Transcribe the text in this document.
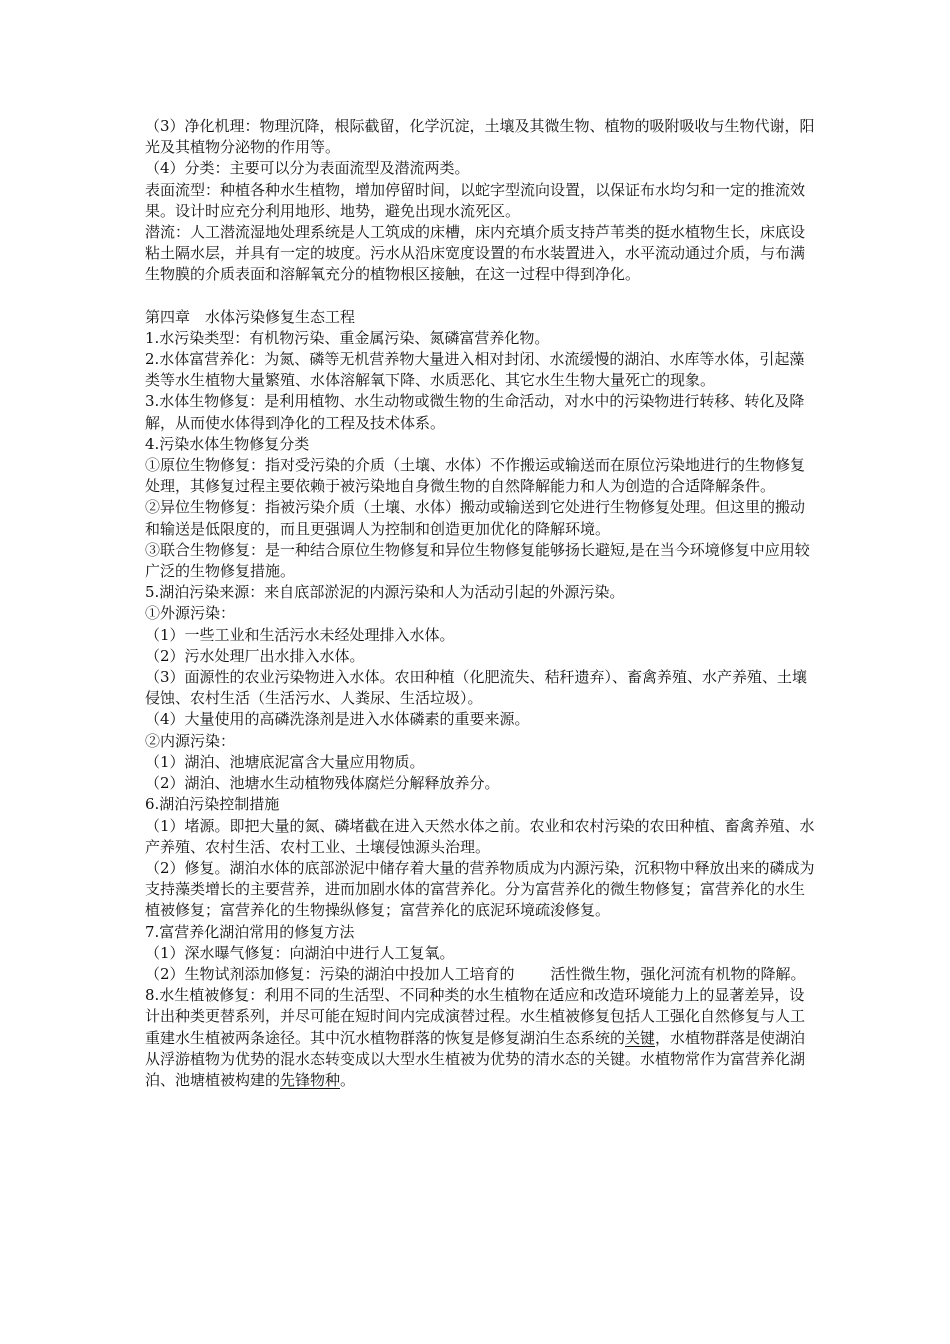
（3）净化机理：物理沉降，根际截留，化学沉淀，土壤及其微生物、植物的吸附吸收与生物代谢，阳光及其植物分泌物的作用等。

（4）分类：主要可以分为表面流型及潜流两类。

表面流型：种植各种水生植物，增加停留时间，以蛇字型流向设置，以保证布水均匀和一定的推流效果。设计时应充分利用地形、地势，避免出现水流死区。

潜流：人工潜流湿地处理系统是人工筑成的床槽，床内充填介质支持芦苇类的挺水植物生长，床底设粘土隔水层，并具有一定的坡度。污水从沿床宽度设置的布水装置进入，水平流动通过介质，与布满生物膜的介质表面和溶解氧充分的植物根区接触，在这一过程中得到净化。

第四章　水体污染修复生态工程

1.水污染类型：有机物污染、重金属污染、氮磷富营养化物。

2.水体富营养化：为氮、磷等无机营养物大量进入相对封闭、水流缓慢的湖泊、水库等水体，引起藻类等水生植物大量繁殖、水体溶解氧下降、水质恶化、其它水生生物大量死亡的现象。

3.水体生物修复：是利用植物、水生动物或微生物的生命活动，对水中的污染物进行转移、转化及降解，从而使水体得到净化的工程及技术体系。

4.污染水体生物修复分类

①原位生物修复：指对受污染的介质（土壤、水体）不作搬运或输送而在原位污染地进行的生物修复处理，其修复过程主要依赖于被污染地自身微生物的自然降解能力和人为创造的合适降解条件。

②异位生物修复：指被污染介质（土壤、水体）搬动或输送到它处进行生物修复处理。但这里的搬动和输送是低限度的，而且更强调人为控制和创造更加优化的降解环境。

③联合生物修复：是一种结合原位生物修复和异位生物修复能够扬长避短,是在当今环境修复中应用较广泛的生物修复措施。

5.湖泊污染来源：来自底部淤泥的内源污染和人为活动引起的外源污染。

①外源污染：

（1）一些工业和生活污水未经处理排入水体。

（2）污水处理厂出水排入水体。

（3）面源性的农业污染物进入水体。农田种植（化肥流失、秸秆遗弃）、畜禽养殖、水产养殖、土壤侵蚀、农村生活（生活污水、人粪尿、生活垃圾）。

（4）大量使用的高磷洗涤剂是进入水体磷素的重要来源。

②内源污染：

（1）湖泊、池塘底泥富含大量应用物质。

（2）湖泊、池塘水生动植物残体腐烂分解释放养分。

6.湖泊污染控制措施

（1）堵源。即把大量的氮、磷堵截在进入天然水体之前。农业和农村污染的农田种植、畜禽养殖、水产养殖、农村生活、农村工业、土壤侵蚀源头治理。

（2）修复。湖泊水体的底部淤泥中储存着大量的营养物质成为内源污染，沉积物中释放出来的磷成为支持藻类增长的主要营养，进而加剧水体的富营养化。分为富营养化的微生物修复；富营养化的水生植被修复；富营养化的生物操纵修复；富营养化的底泥环境疏浚修复。

7.富营养化湖泊常用的修复方法

（1）深水曝气修复：向湖泊中进行人工复氧。

（2）生物试剂添加修复：污染的湖泊中投加人工培育的 活性微生物，强化河流有机物的降解。

8.水生植被修复：利用不同的生活型、不同种类的水生植物在适应和改造环境能力上的显著差异，设计出种类更替系列，并尽可能在短时间内完成演替过程。水生植被修复包括人工强化自然修复与人工重建水生植被两条途径。其中沉水植物群落的恢复是修复湖泊生态系统的关键，水植物群落是使湖泊从浮游植物为优势的混水态转变成以大型水生植被为优势的清水态的关键。水植物常作为富营养化湖泊、池塘植被构建的先锋物种。
